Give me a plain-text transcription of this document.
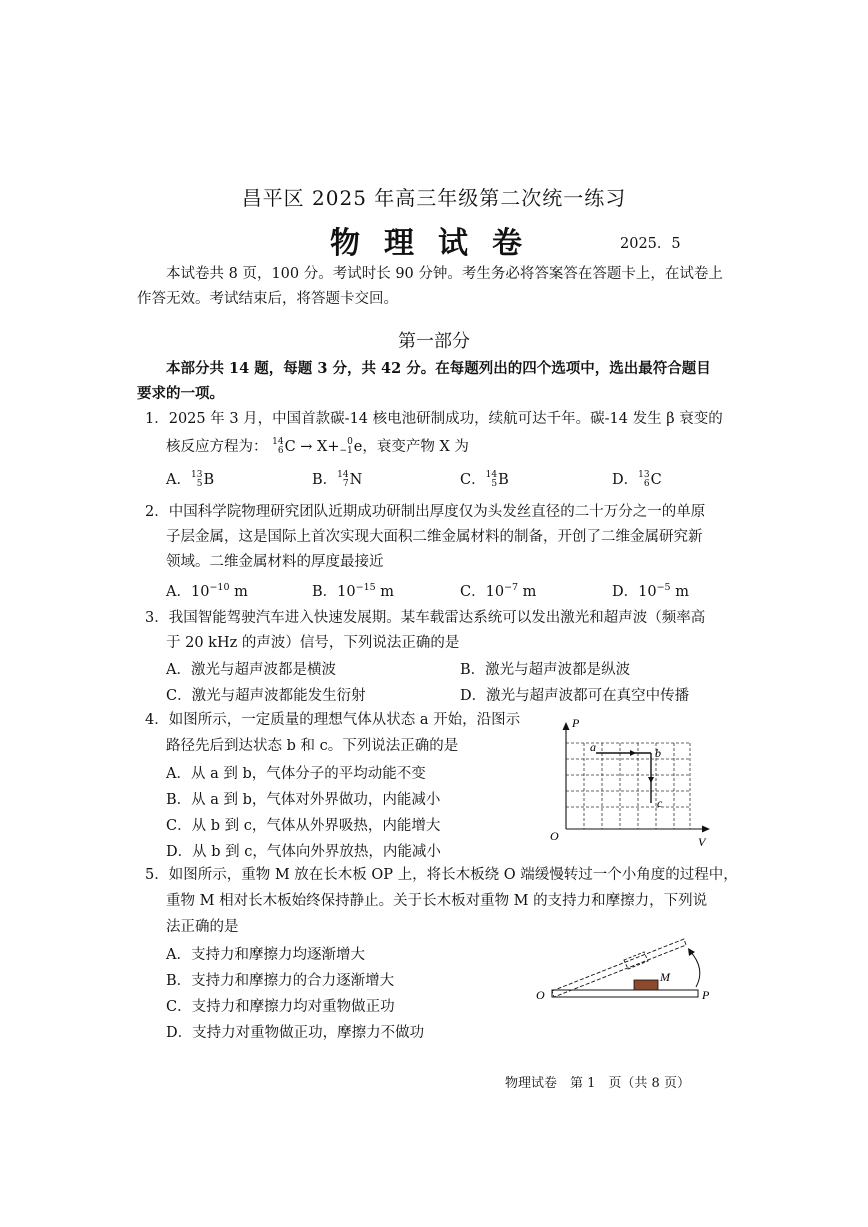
昌平区 2025 年高三年级第二次统一练习
物理试卷	2025．5
本试卷共 8 页，100 分。考试时长 90 分钟。考生务必将答案答在答题卡上，在试卷上
作答无效。考试结束后，将答题卡交回。
第一部分
本部分共 14 题，每题 3 分，共 42 分。在每题列出的四个选项中，选出最符合题目
要求的一项。
1．2025 年 3 月，中国首款碳-14 核电池研制成功，续航可达千年。碳-14 发生 β 衰变的
核反应方程为： 14
6 C → X+ 0
−1 e ，衰变产物 X 为
A． 13
5 B	B． 14
7 N	C． 14
5 B	D． 13
6 C
2．中国科学院物理研究团队近期成功研制出厚度仅为头发丝直径的二十万分之一的单原
子层金属，这是国际上首次实现大面积二维金属材料的制备，开创了二维金属研究新
领域。二维金属材料的厚度最接近
A．$10^{-10}$ m	B．$10^{-15}$ m	C．$10^{-7}$ m	D．$10^{-5}$ m
3．我国智能驾驶汽车进入快速发展期。某车载雷达系统可以发出激光和超声波（频率高
于 20 kHz 的声波）信号，下列说法正确的是
A．激光与超声波都是横波	B．激光与超声波都是纵波
C．激光与超声波都能发生衍射	D．激光与超声波都可在真空中传播
4．如图所示，一定质量的理想气体从状态 a 开始，沿图示
路径先后到达状态 b 和 c。下列说法正确的是
A．从 a 到 b，气体分子的平均动能不变
B．从 a 到 b，气体对外界做功，内能减小
C．从 b 到 c，气体从外界吸热，内能增大
D．从 b 到 c，气体向外界放热，内能减小
P
V
O
a	b
c
5．如图所示，重物 M 放在长木板 OP 上，将长木板绕 O 端缓慢转过一个小角度的过程中，
重物 M 相对长木板始终保持静止。关于长木板对重物 M 的支持力和摩擦力，下列说
法正确的是
A．支持力和摩擦力均逐渐增大
B．支持力和摩擦力的合力逐渐增大
C．支持力和摩擦力均对重物做正功
D．支持力对重物做正功，摩擦力不做功
O	P
M
物理试卷　第 1　页（共 8 页）
